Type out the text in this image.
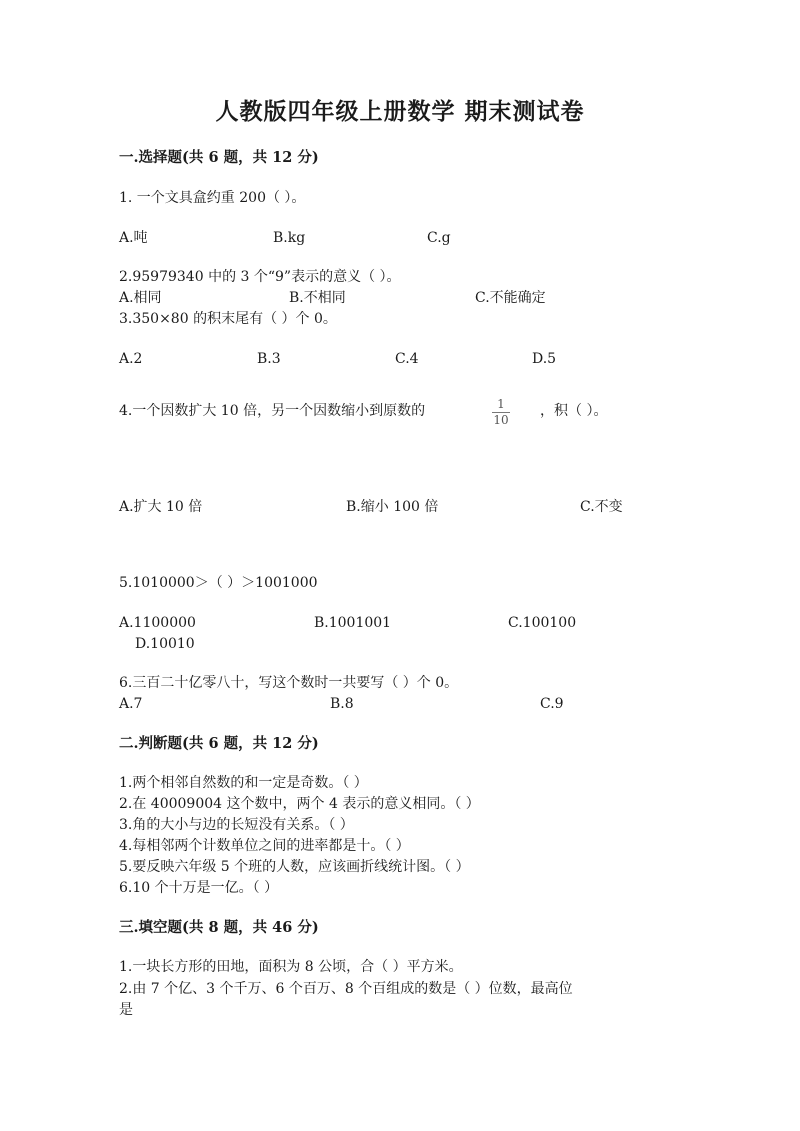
人教版四年级上册数学 期末测试卷
一.选择题(共 6 题，共 12 分)
1. 一个文具盒约重 200（ ）。
A.吨	B.kg	C.g
2.95979340 中的 3 个“9”表示的意义（ ）。
A.相同	B.不相同	C.不能确定
3.350×80 的积末尾有（ ）个 0。
A.2	B.3	C.4	D.5
4.一个因数扩大 10 倍，另一个因数缩小到原数的	1
10
，积（ ）。
A.扩大 10 倍	B.缩小 100 倍	C.不变
5.1010000＞（ ）＞1001000
A.1100000	B.1001001	C.100100
D.10010
6.三百二十亿零八十，写这个数时一共要写（ ）个 0。
A.7	B.8	C.9
二.判断题(共 6 题，共 12 分)
1.两个相邻自然数的和一定是奇数。（ ）
2.在 40009004 这个数中，两个 4 表示的意义相同。（ ）
3.角的大小与边的长短没有关系。（ ）
4.每相邻两个计数单位之间的进率都是十。（ ）
5.要反映六年级 5 个班的人数，应该画折线统计图。（ ）
6.10 个十万是一亿。（ ）
三.填空题(共 8 题，共 46 分)
1.一块长方形的田地，面积为 8 公顷，合（ ）平方米。
2.由 7 个亿、3 个千万、6 个百万、8 个百组成的数是（ ）位数，最高位
是
